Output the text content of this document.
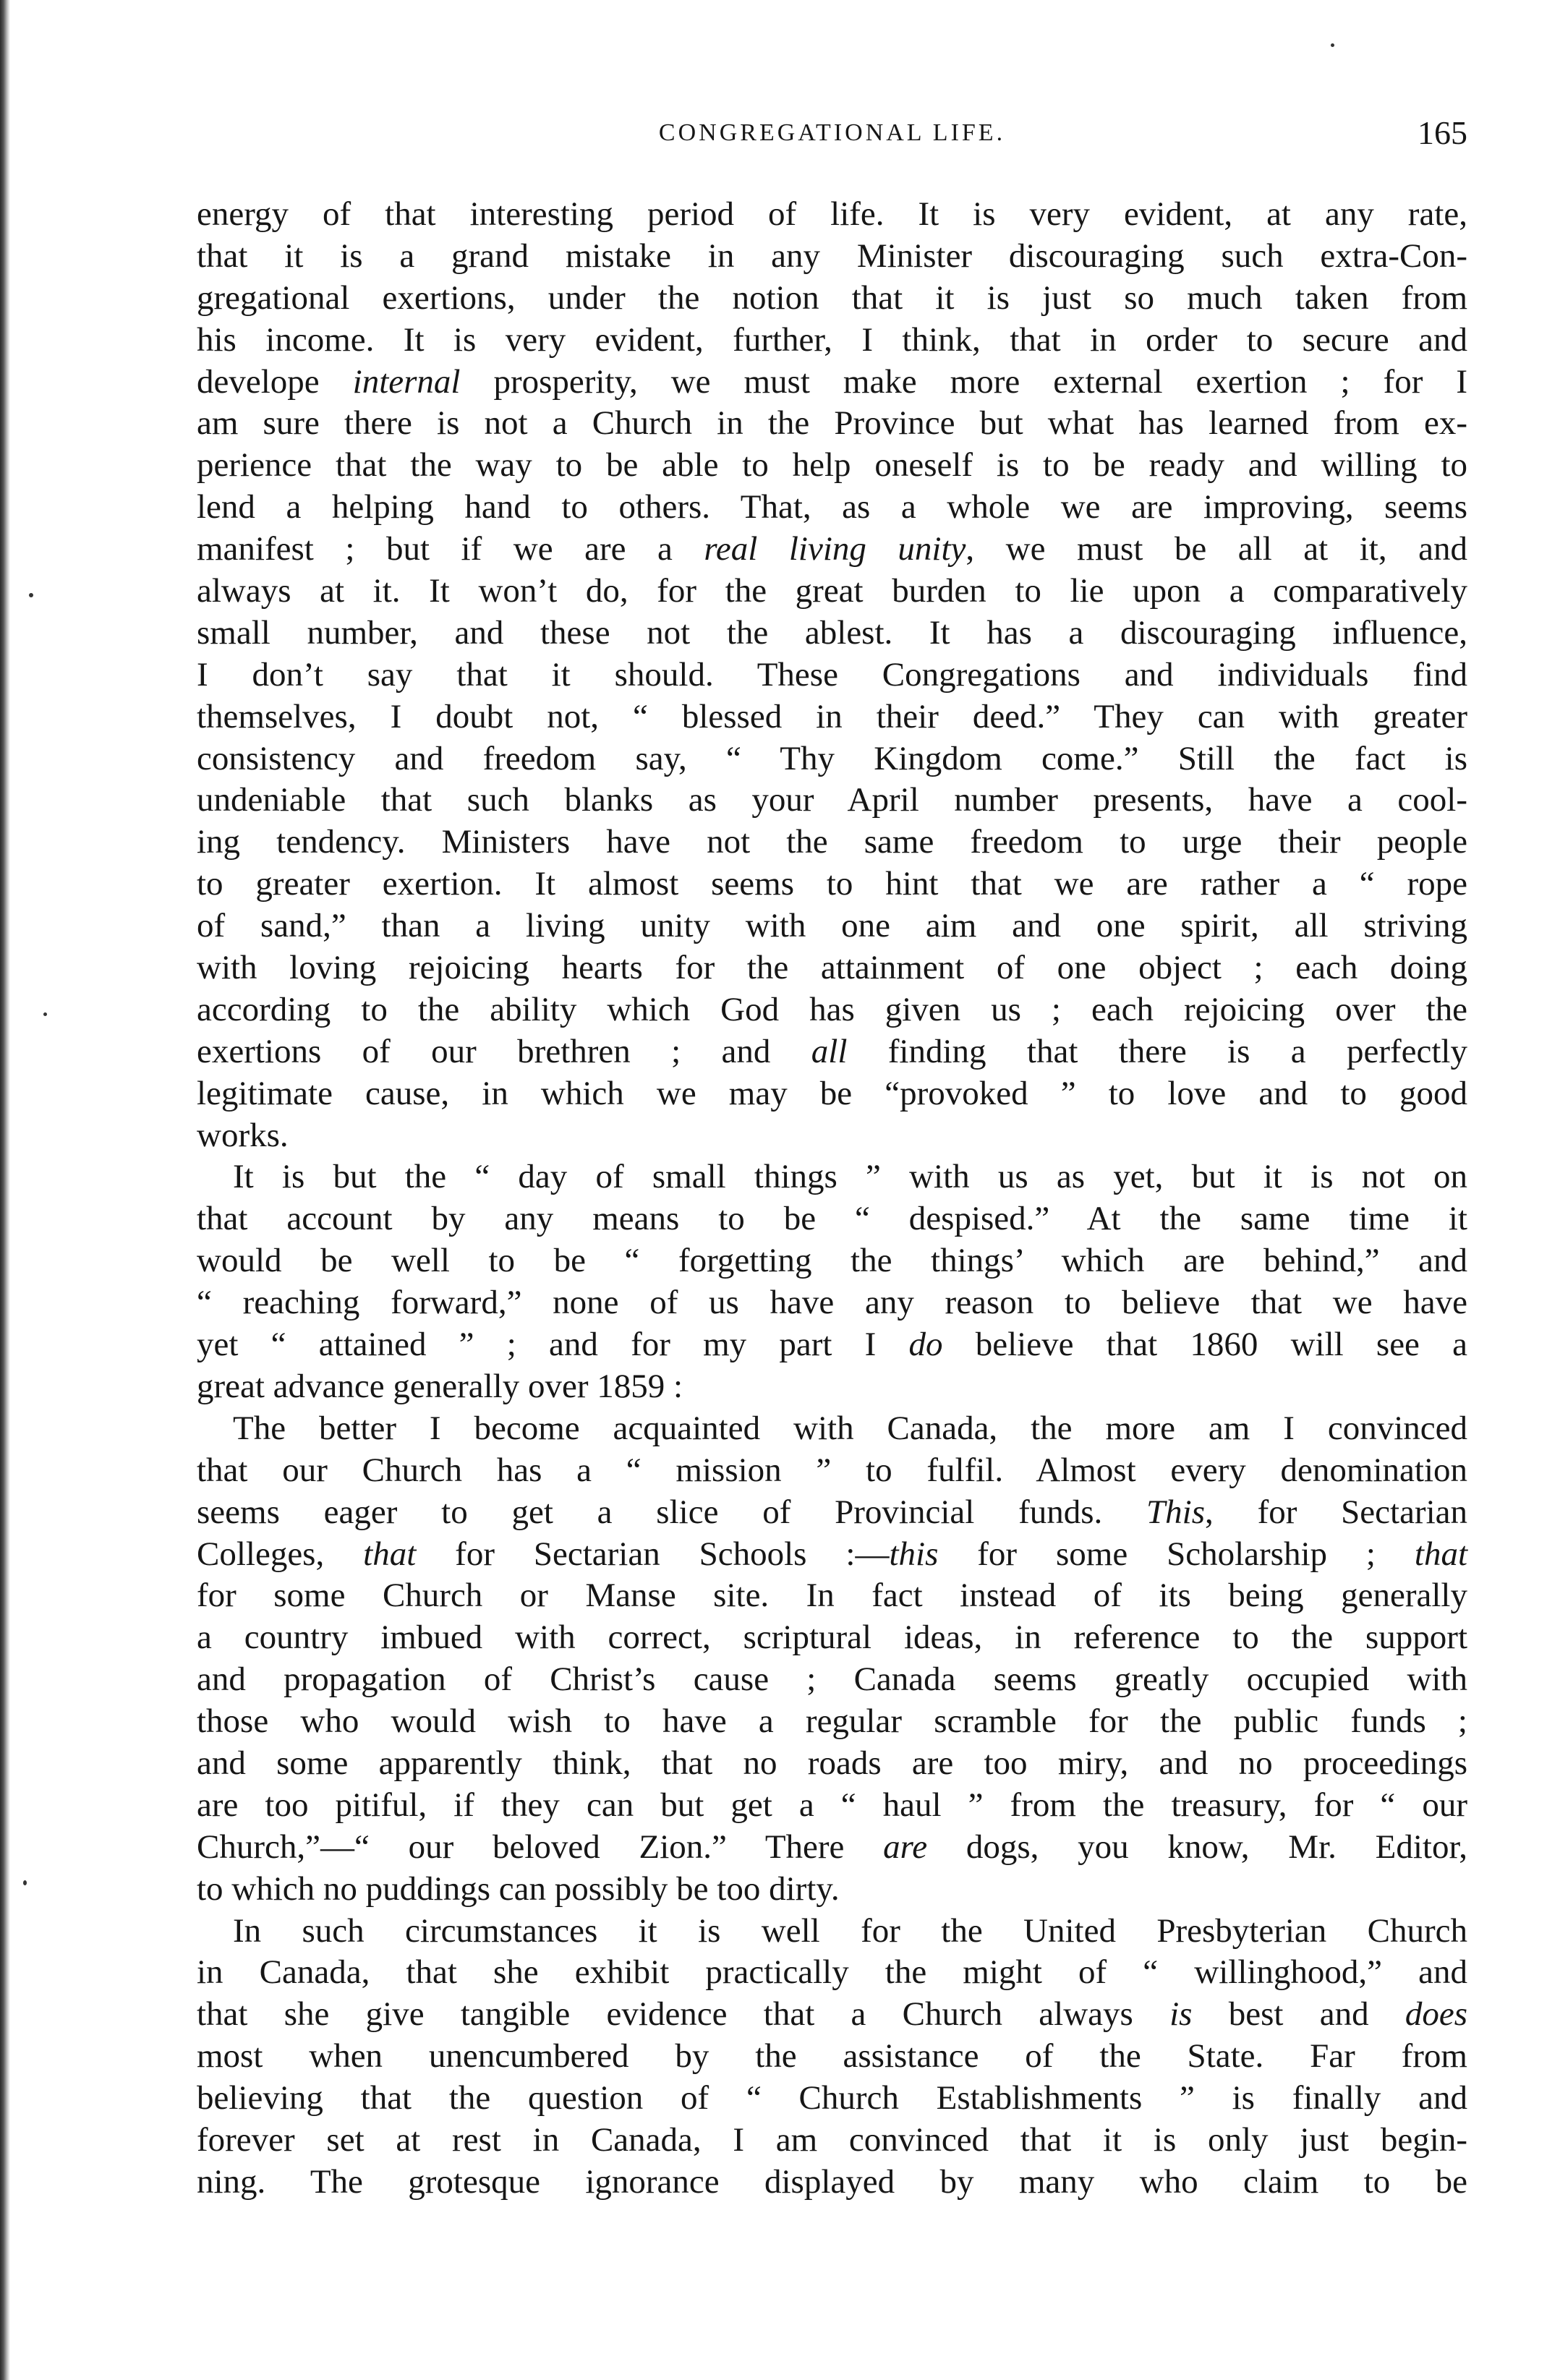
CONGREGATIONAL LIFE.	165
energy of that interesting period of life. It is very evident, at any rate,
that it is a grand mistake in any Minister discouraging such extra-Con-
gregational exertions, under the notion that it is just so much taken from
his income. It is very evident, further, I think, that in order to secure and
develope internal prosperity, we must make more external exertion ; for I
am sure there is not a Church in the Province but what has learned from ex-
perience that the way to be able to help oneself is to be ready and willing to
lend a helping hand to others. That, as a whole we are improving, seems
manifest ; but if we are a real living unity, we must be all at it, and
always at it. It won’t do, for the great burden to lie upon a comparatively
small number, and these not the ablest. It has a discouraging influence,
I don’t say that it should. These Congregations and individuals find
themselves, I doubt not, “ blessed in their deed.” They can with greater
consistency and freedom say, “ Thy Kingdom come.” Still the fact is
undeniable that such blanks as your April number presents, have a cool-
ing tendency. Ministers have not the same freedom to urge their people
to greater exertion. It almost seems to hint that we are rather a “ rope
of sand,” than a living unity with one aim and one spirit, all striving
with loving rejoicing hearts for the attainment of one object ; each doing
according to the ability which God has given us ; each rejoicing over the
exertions of our brethren ; and all finding that there is a perfectly
legitimate cause, in which we may be “provoked ” to love and to good
works.
It is but the “ day of small things ” with us as yet, but it is not on
that account by any means to be “ despised.” At the same time it
would be well to be “ forgetting the things’ which are behind,” and
“ reaching forward,” none of us have any reason to believe that we have
yet “ attained ” ; and for my part I do believe that 1860 will see a
great advance generally over 1859 :
The better I become acquainted with Canada, the more am I convinced
that our Church has a “ mission ” to fulfil. Almost every denomination
seems eager to get a slice of Provincial funds. This, for Sectarian
Colleges, that for Sectarian Schools :—this for some Scholarship ; that
for some Church or Manse site. In fact instead of its being generally
a country imbued with correct, scriptural ideas, in reference to the support
and propagation of Christ’s cause ; Canada seems greatly occupied with
those who would wish to have a regular scramble for the public funds ;
and some apparently think, that no roads are too miry, and no proceedings
are too pitiful, if they can but get a “ haul ” from the treasury, for “ our
Church,”—“ our beloved Zion.” There are dogs, you know, Mr. Editor,
to which no puddings can possibly be too dirty.
In such circumstances it is well for the United Presbyterian Church
in Canada, that she exhibit practically the might of “ willinghood,” and
that she give tangible evidence that a Church always is best and does
most when unencumbered by the assistance of the State. Far from
believing that the question of “ Church Establishments ” is finally and
forever set at rest in Canada, I am convinced that it is only just begin-
ning. The grotesque ignorance displayed by many who claim to be
